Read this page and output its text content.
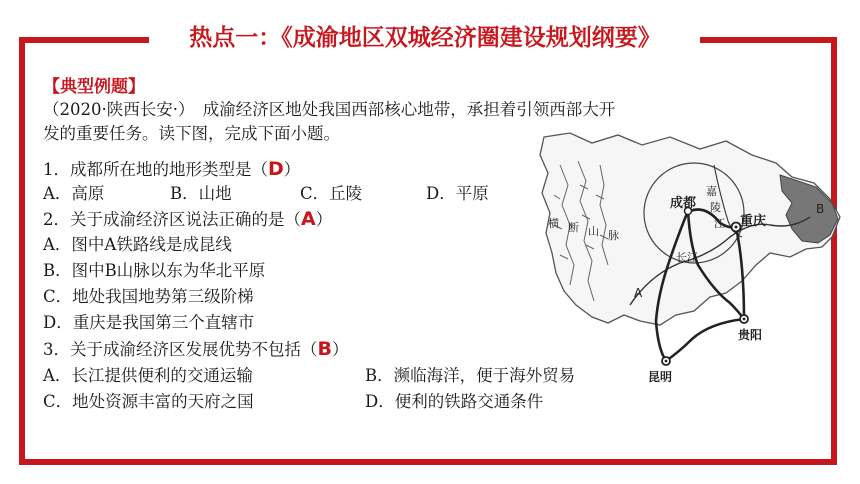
热点一：《成渝地区双城经济圈建设规划纲要》
【典型例题】
（2020·陕西长安·）　成渝经济区地处我国西部核心地带，承担着引领西部大开
发的重要任务。读下图，完成下面小题。
1．成都所在地的地形类型是（D）
A．高原	B．山地	C．丘陵	D．平原
2．关于成渝经济区说法正确的是（A）
A．图中A铁路线是成昆线
B．图中B山脉以东为华北平原
C．地处我国地势第三级阶梯
D．重庆是我国第三个直辖市
3．关于成渝经济区发展优势不包括（B）
A．长江提供便利的交通运输	B．濒临海洋，便于海外贸易
C．地处资源丰富的天府之国	D．便利的铁路交通条件
成都
重庆
贵阳
昆明
长江
嘉
陵
江
横 断 山 脉
A
B
